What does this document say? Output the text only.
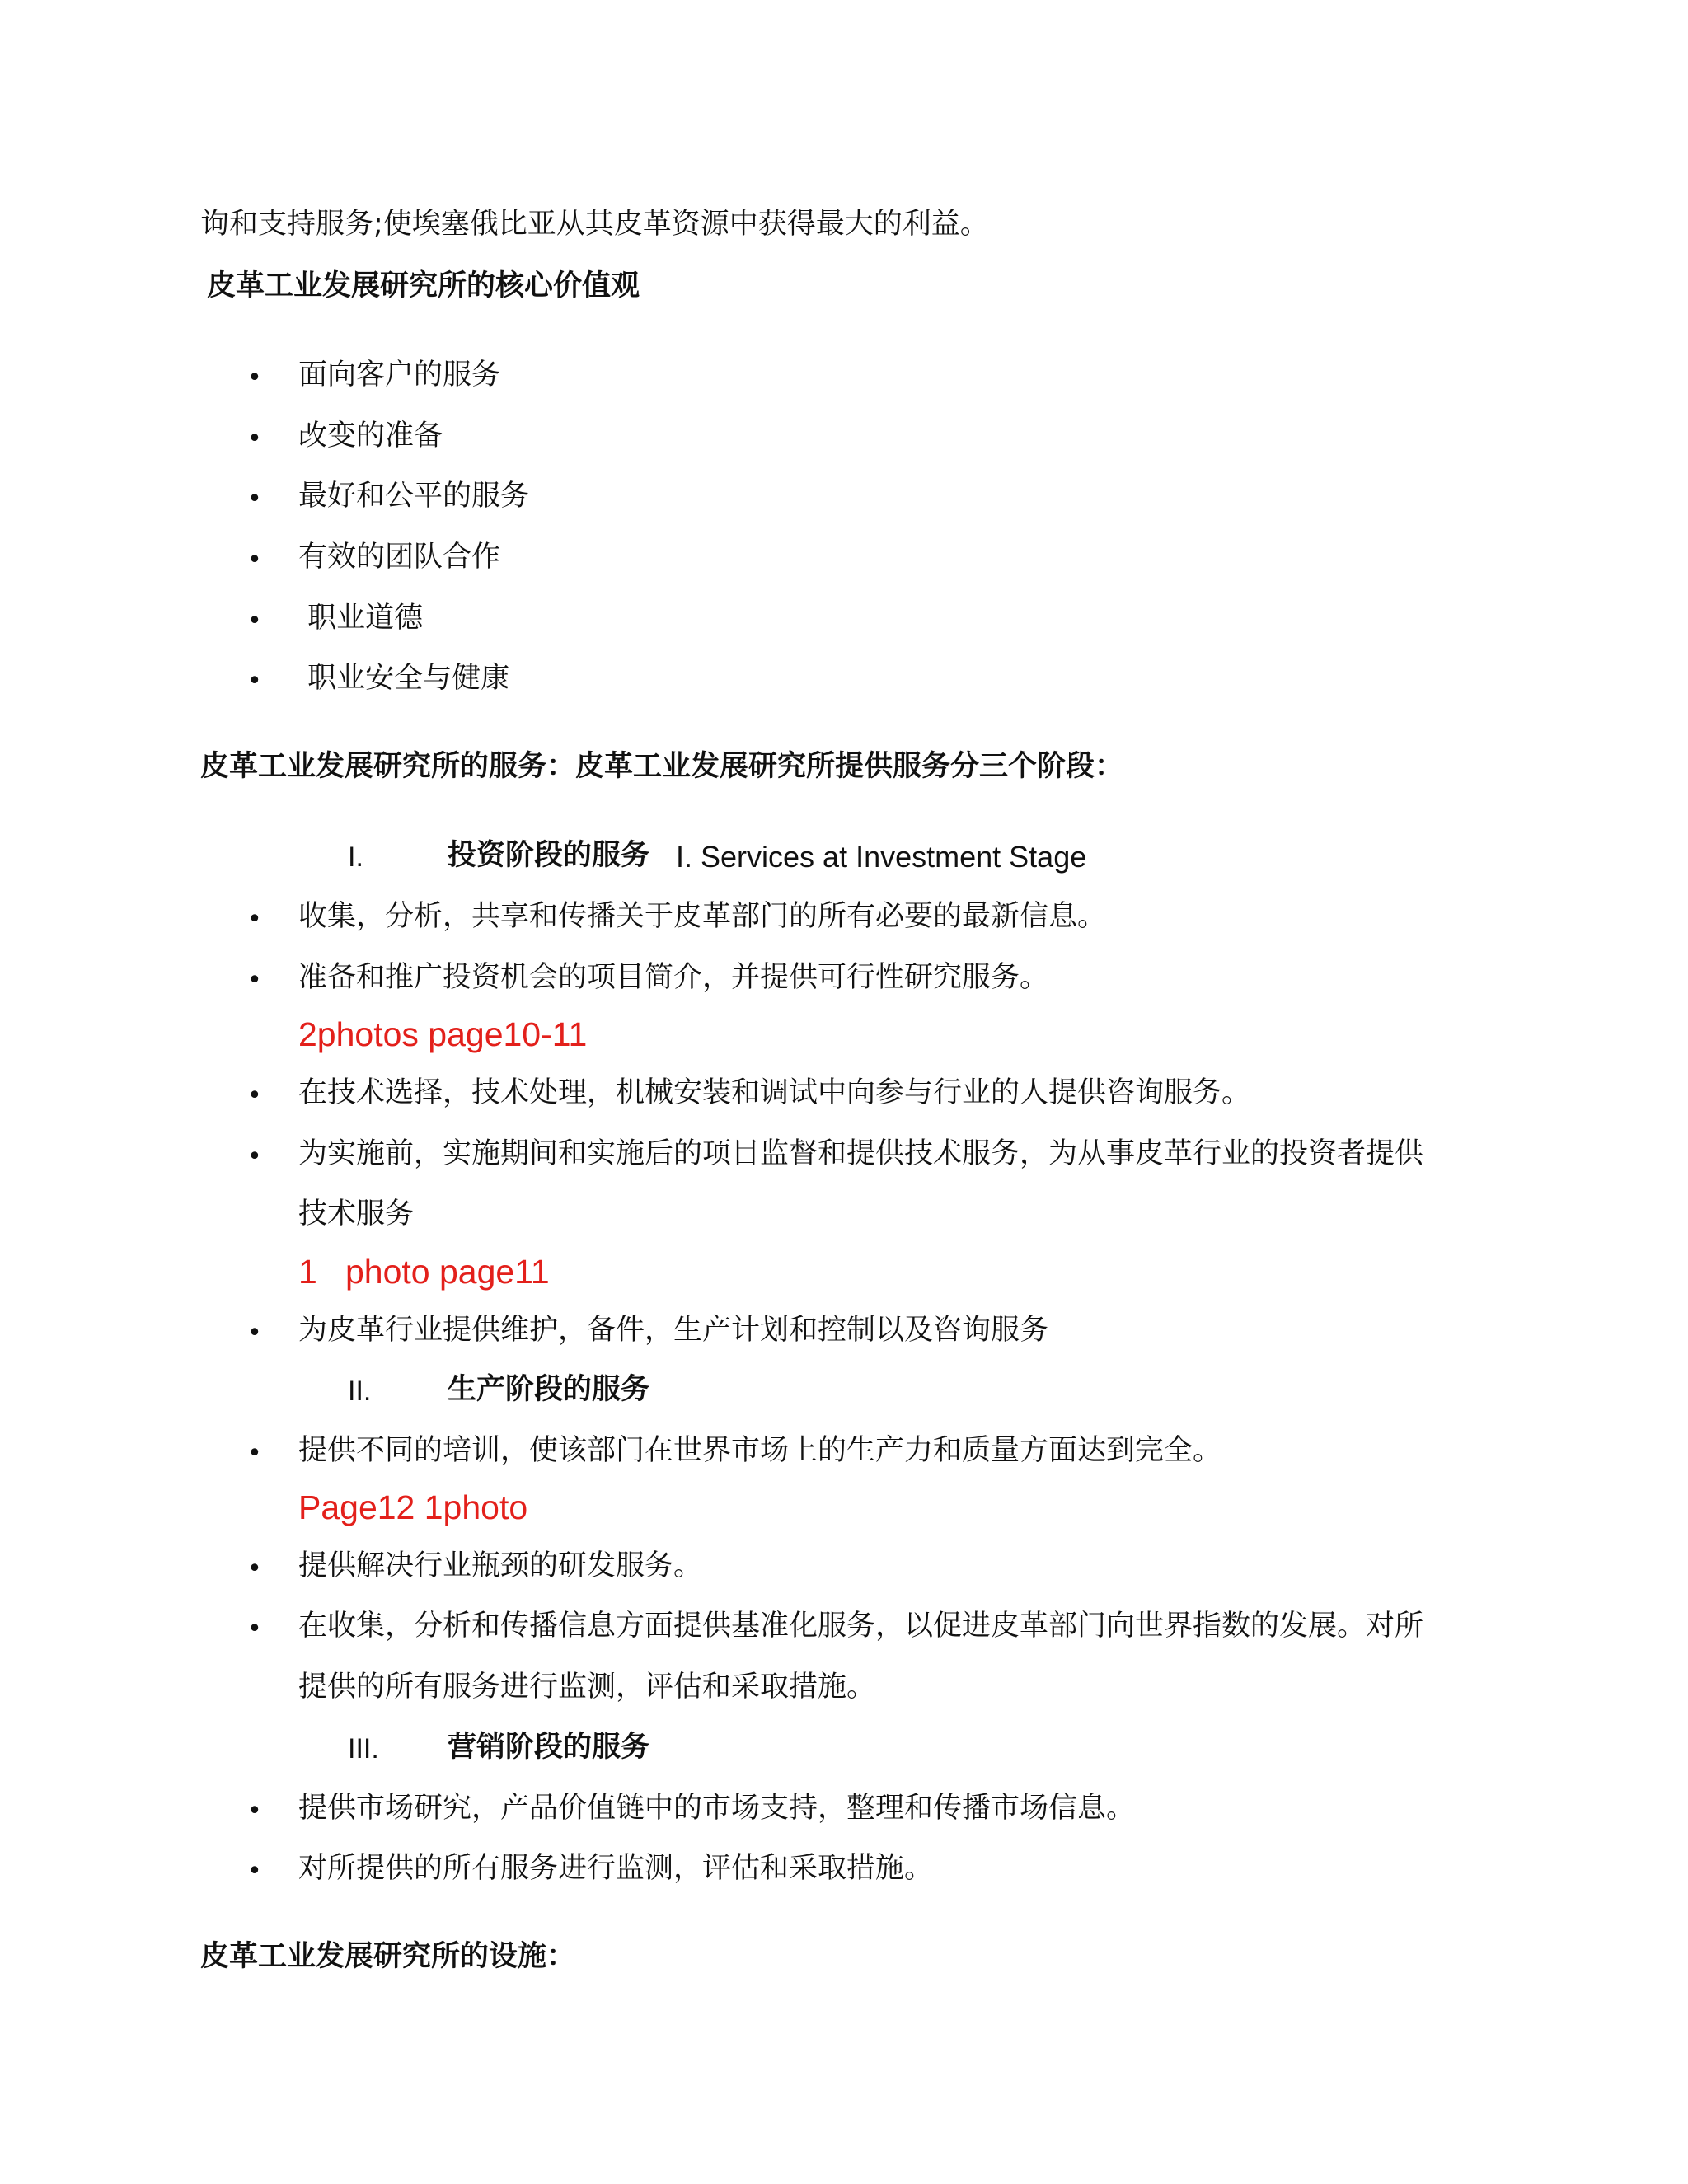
询和支持服务;使埃塞俄比亚从其皮革资源中获得最大的利益。
皮革工业发展研究所的核心价值观
• 面向客户的服务
• 改变的准备
• 最好和公平的服务
• 有效的团队合作
• 职业道德
• 职业安全与健康
皮革工业发展研究所的服务：皮革工业发展研究所提供服务分三个阶段：
I.	投资阶段的服务 I. Services at Investment Stage
• 收集，分析，共享和传播关于皮革部门的所有必要的最新信息。
• 准备和推广投资机会的项目简介，并提供可行性研究服务。
2photos page10-11
• 在技术选择，技术处理，机械安装和调试中向参与行业的人提供咨询服务。
• 为实施前，实施期间和实施后的项目监督和提供技术服务，为从事皮革行业的投资者提供
技术服务
1   photo page11
• 为皮革行业提供维护，备件，生产计划和控制以及咨询服务
II.	生产阶段的服务
• 提供不同的培训，使该部门在世界市场上的生产力和质量方面达到完全。
Page12 1photo
• 提供解决行业瓶颈的研发服务。
• 在收集，分析和传播信息方面提供基准化服务，以促进皮革部门向世界指数的发展。对所
提供的所有服务进行监测，评估和采取措施。
III. 营销阶段的服务
• 提供市场研究，产品价值链中的市场支持，整理和传播市场信息。
• 对所提供的所有服务进行监测，评估和采取措施。
皮革工业发展研究所的设施：
